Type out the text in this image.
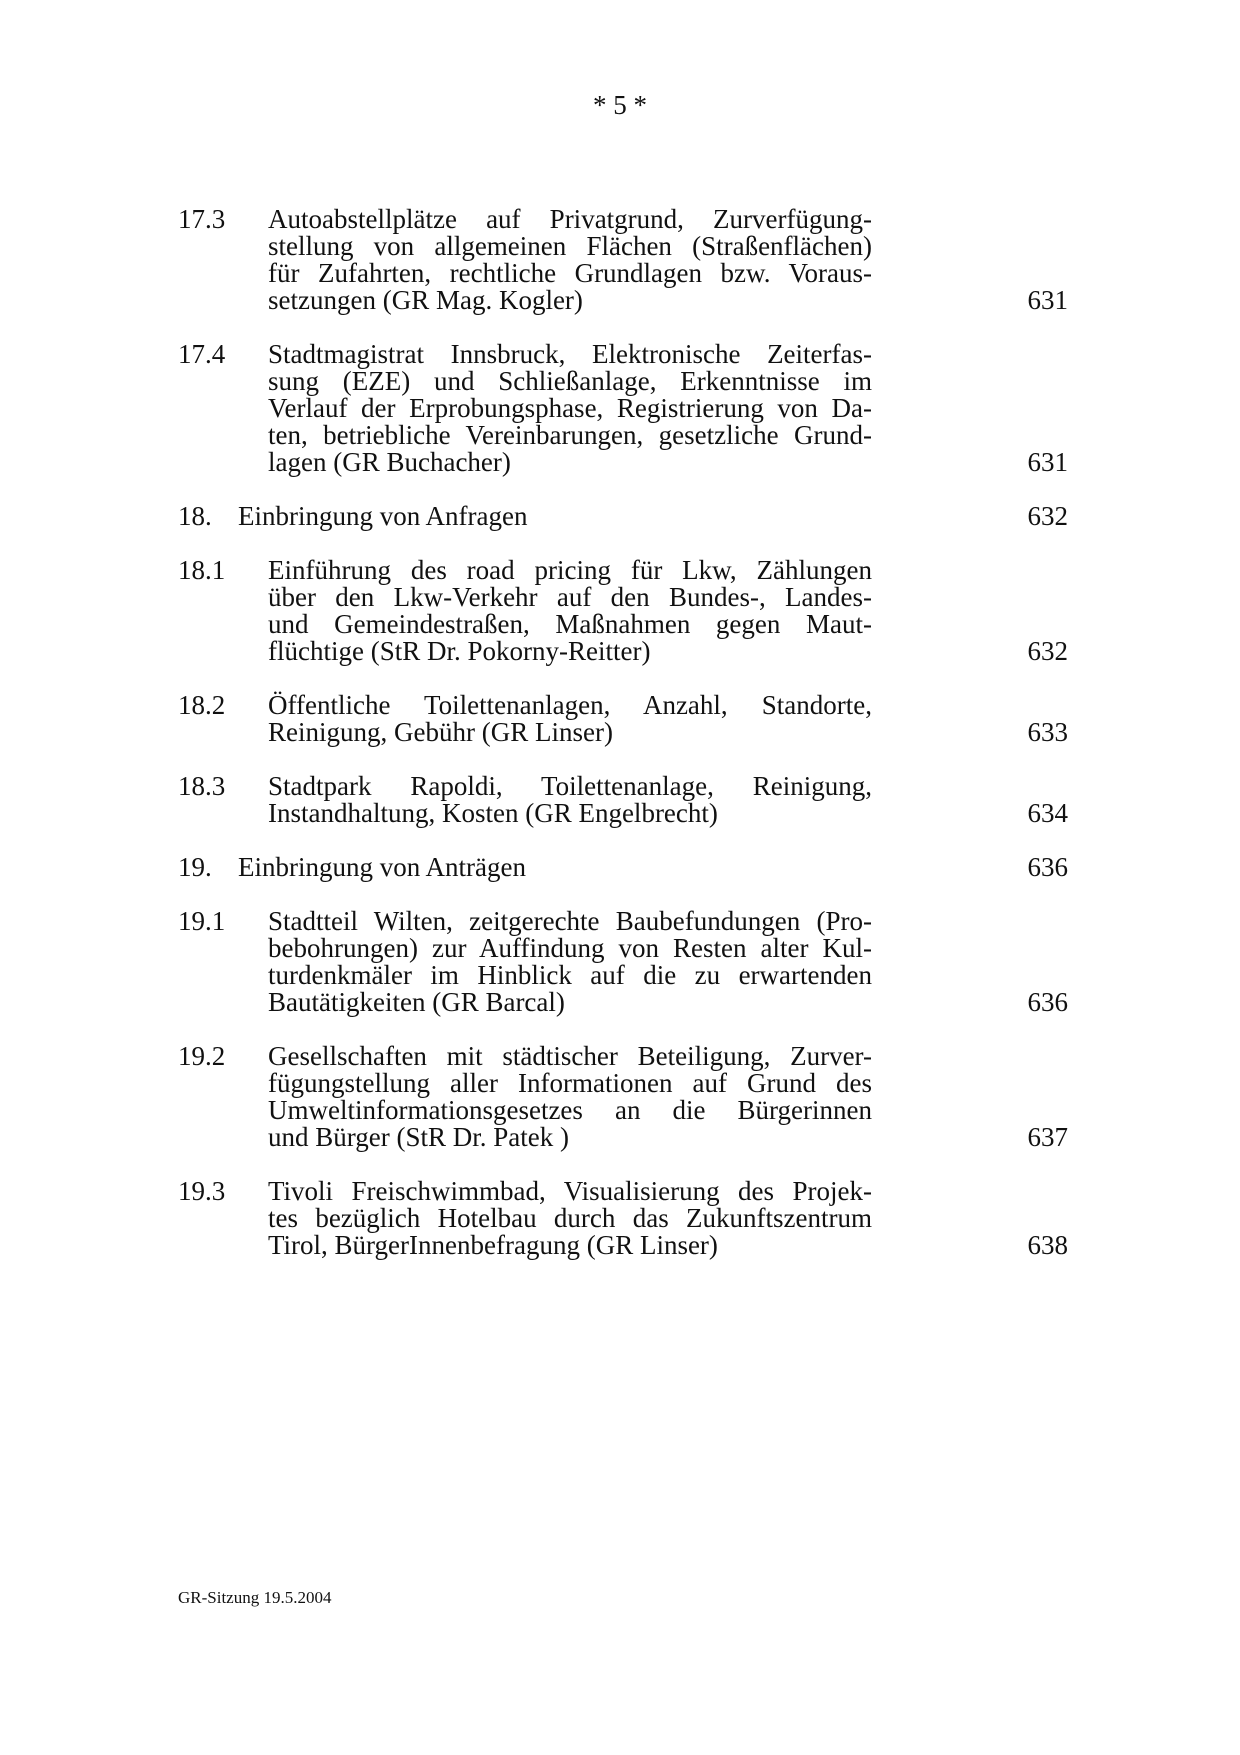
* 5 *
17.3 Autoabstellplätze auf Privatgrund, Zurverfügung-
stellung von allgemeinen Flächen (Straßenflächen)
für Zufahrten, rechtliche Grundlagen bzw. Voraus-
setzungen (GR Mag. Kogler)	631
17.4 Stadtmagistrat Innsbruck, Elektronische Zeiterfas-
sung (EZE) und Schließanlage, Erkenntnisse im
Verlauf der Erprobungsphase, Registrierung von Da-
ten, betriebliche Vereinbarungen, gesetzliche Grund-
lagen (GR Buchacher)	631
18. Einbringung von Anfragen	632
18.1 Einführung des road pricing für Lkw, Zählungen
über den Lkw-Verkehr auf den Bundes-, Landes-
und Gemeindestraßen, Maßnahmen gegen Maut-
flüchtige (StR Dr. Pokorny-Reitter)	632
18.2 Öffentliche Toilettenanlagen, Anzahl, Standorte,
Reinigung, Gebühr (GR Linser)	633
18.3 Stadtpark Rapoldi, Toilettenanlage, Reinigung,
Instandhaltung, Kosten (GR Engelbrecht)	634
19. Einbringung von Anträgen	636
19.1 Stadtteil Wilten, zeitgerechte Baubefundungen (Pro-
bebohrungen) zur Auffindung von Resten alter Kul-
turdenkmäler im Hinblick auf die zu erwartenden
Bautätigkeiten (GR Barcal)	636
19.2 Gesellschaften mit städtischer Beteiligung, Zurver-
fügungstellung aller Informationen auf Grund des
Umweltinformationsgesetzes an die Bürgerinnen
und Bürger (StR Dr. Patek )	637
19.3 Tivoli Freischwimmbad, Visualisierung des Projek-
tes bezüglich Hotelbau durch das Zukunftszentrum
Tirol, BürgerInnenbefragung (GR Linser)	638
GR-Sitzung 19.5.2004
